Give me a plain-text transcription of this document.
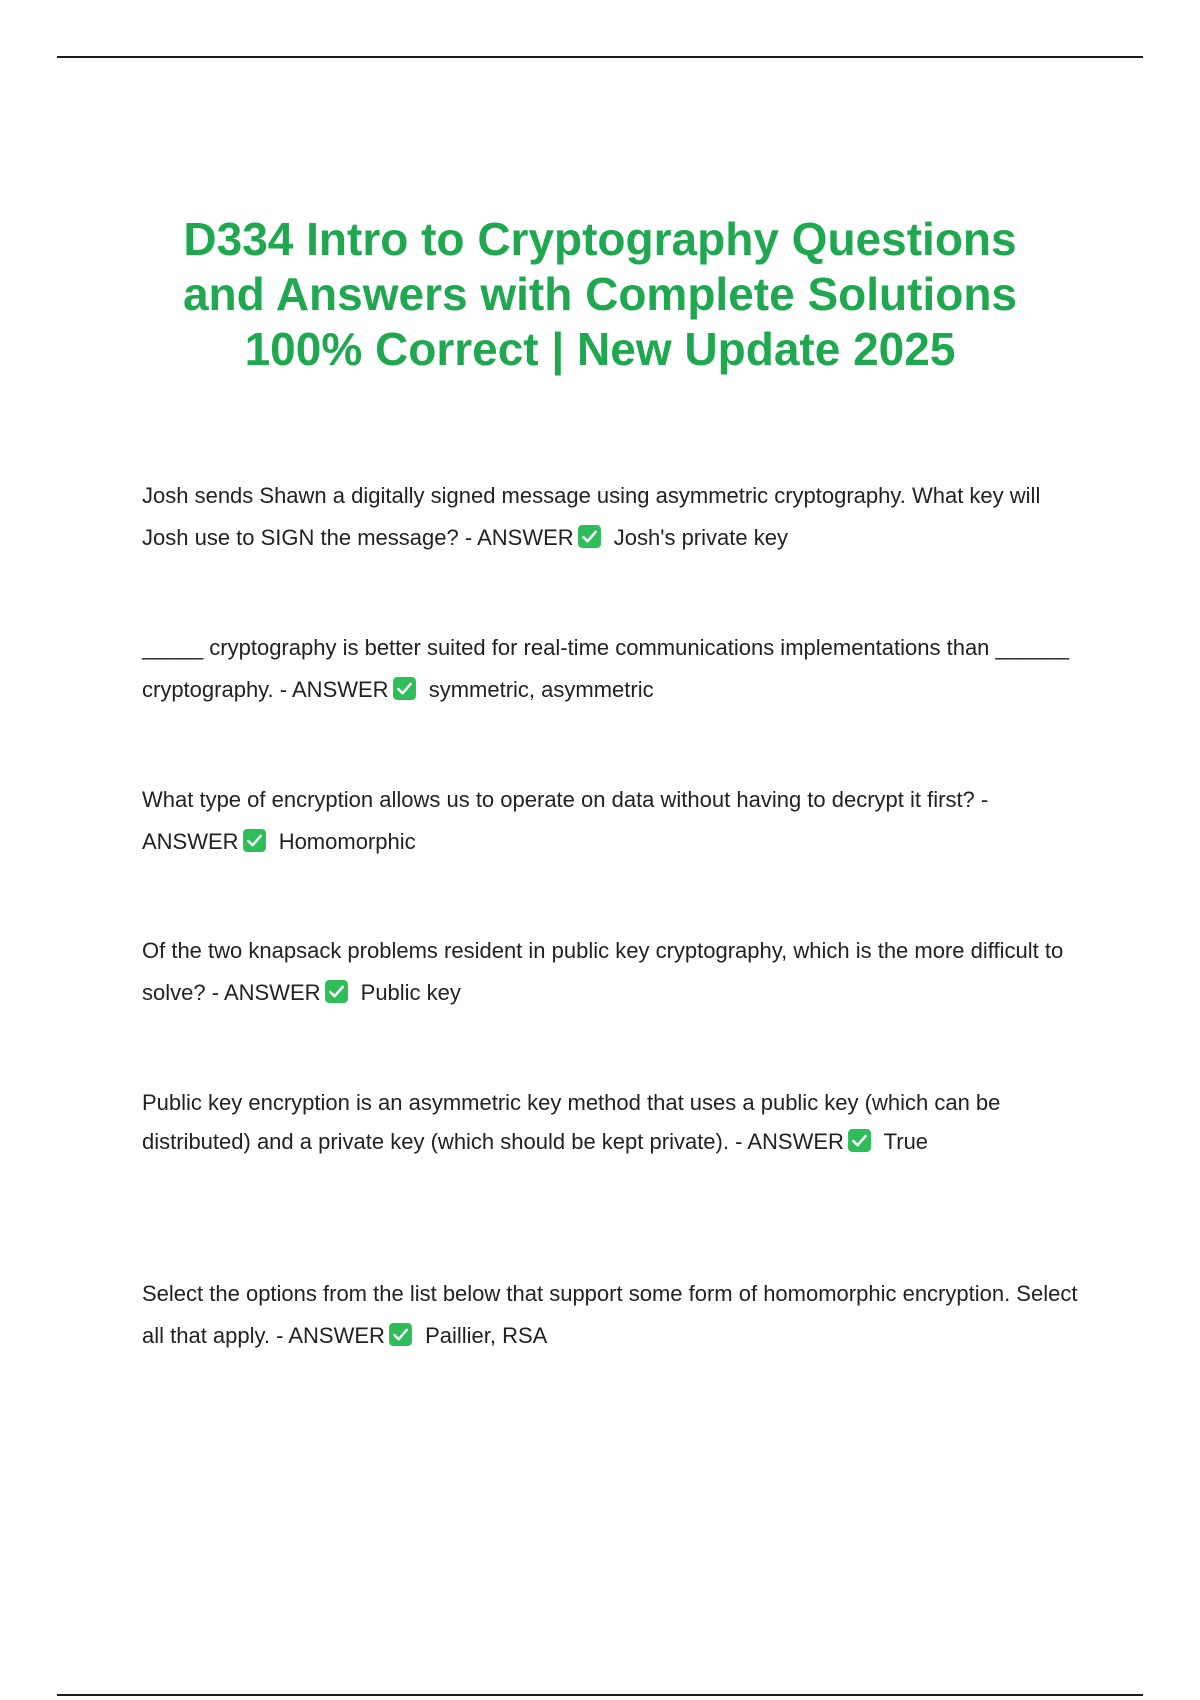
D334 Intro to Cryptography Questions
and Answers with Complete Solutions
100% Correct | New Update 2025

Josh sends Shawn a digitally signed message using asymmetric cryptography. What key will Josh use to SIGN the message? - ANSWER Josh's private key

_____ cryptography is better suited for real-time communications implementations than ______ cryptography. - ANSWER symmetric, asymmetric

What type of encryption allows us to operate on data without having to decrypt it first? - ANSWER Homomorphic

Of the two knapsack problems resident in public key cryptography, which is the more difficult to solve? - ANSWER Public key

Public key encryption is an asymmetric key method that uses a public key (which can be distributed) and a private key (which should be kept private). - ANSWER True

Select the options from the list below that support some form of homomorphic encryption. Select all that apply. - ANSWER Paillier, RSA
